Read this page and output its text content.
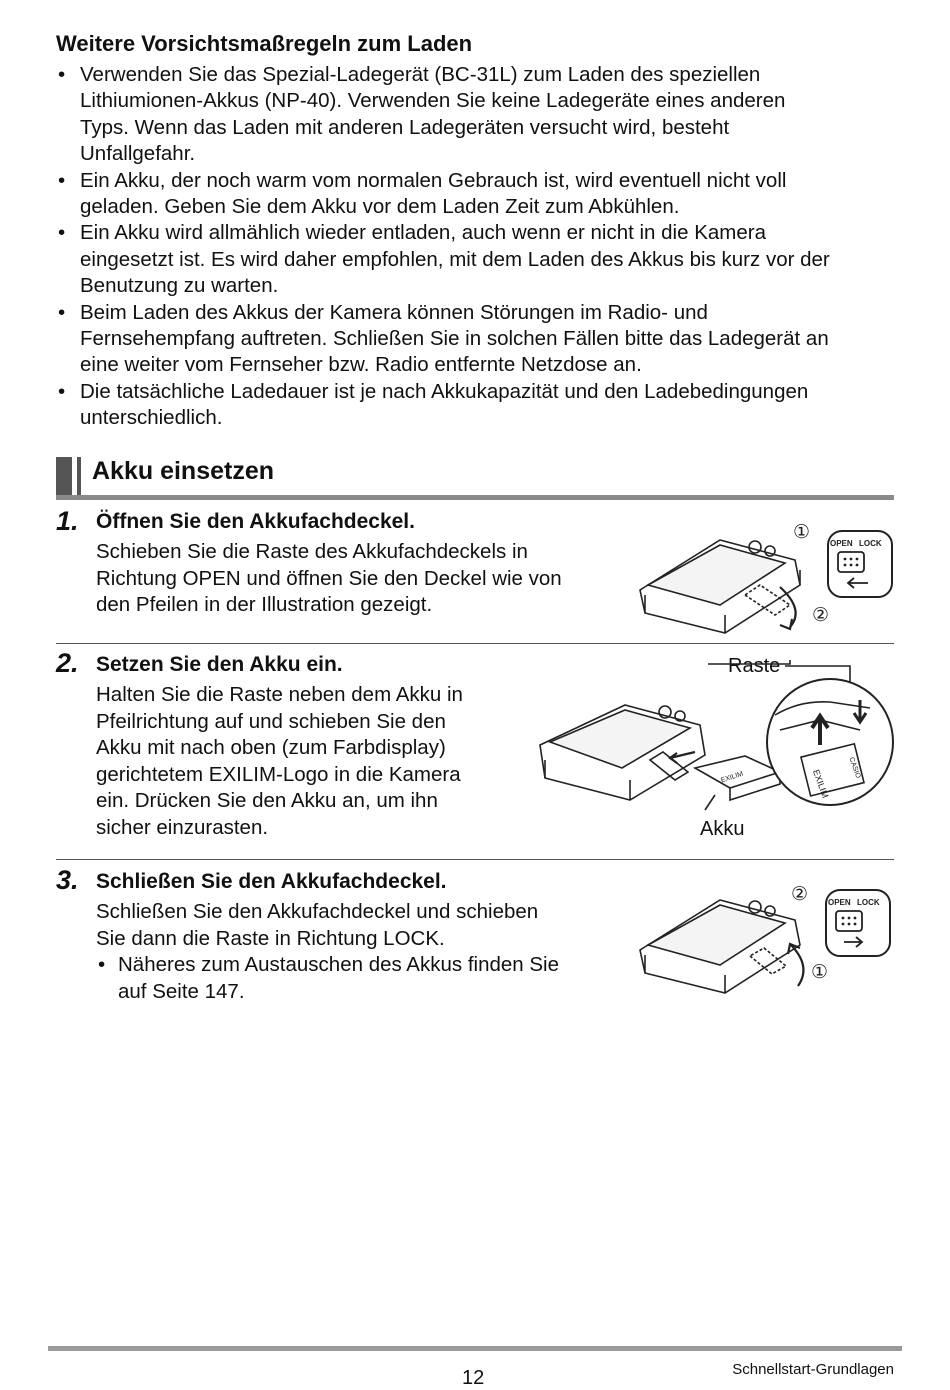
Weitere Vorsichtsmaßregeln zum Laden
• Verwenden Sie das Spezial-Ladegerät (BC-31L) zum Laden des speziellen
Lithiumionen-Akkus (NP-40). Verwenden Sie keine Ladegeräte eines anderen
Typs. Wenn das Laden mit anderen Ladegeräten versucht wird, besteht
Unfallgefahr.
• Ein Akku, der noch warm vom normalen Gebrauch ist, wird eventuell nicht voll
geladen. Geben Sie dem Akku vor dem Laden Zeit zum Abkühlen.
• Ein Akku wird allmählich wieder entladen, auch wenn er nicht in die Kamera
eingesetzt ist. Es wird daher empfohlen, mit dem Laden des Akkus bis kurz vor der
Benutzung zu warten.
• Beim Laden des Akkus der Kamera können Störungen im Radio- und
Fernsehempfang auftreten. Schließen Sie in solchen Fällen bitte das Ladegerät an
eine weiter vom Fernseher bzw. Radio entfernte Netzdose an.
• Die tatsächliche Ladedauer ist je nach Akkukapazität und den Ladebedingungen
unterschiedlich.
Akku einsetzen
1. Öffnen Sie den Akkufachdeckel.
Schieben Sie die Raste des Akkufachdeckels in
Richtung OPEN und öffnen Sie den Deckel wie von
den Pfeilen in der Illustration gezeigt.
OPEN LOCK
①
②
2. Setzen Sie den Akku ein.
Halten Sie die Raste neben dem Akku in
Pfeilrichtung auf und schieben Sie den
Akku mit nach oben (zum Farbdisplay)
gerichtetem EXILIM-Logo in die Kamera
ein. Drücken Sie den Akku an, um ihn
sicher einzurasten.
Raste
Akku
EXILIM
CASIO
EXILIM
3. Schließen Sie den Akkufachdeckel.
Schließen Sie den Akkufachdeckel und schieben
Sie dann die Raste in Richtung LOCK.
• Näheres zum Austauschen des Akkus finden Sie
auf Seite 147.
OPEN LOCK
②
①
12	Schnellstart-Grundlagen
